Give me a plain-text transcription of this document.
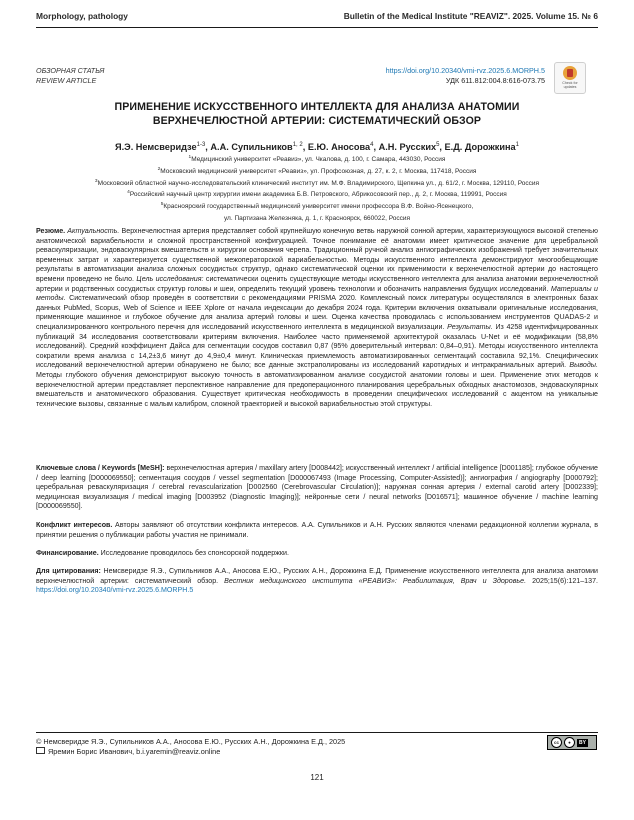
Morphology, pathology	Bulletin of the Medical Institute "REAVIZ". 2025. Volume 15. № 6
ОБЗОРНАЯ СТАТЬЯ
REVIEW ARTICLE
https://doi.org/10.20340/vmi-rvz.2025.6.MORPH.5
УДК 611.812:004.8:616-073.75	Check for
updates
ПРИМЕНЕНИЕ ИСКУССТВЕННОГО ИНТЕЛЛЕКТА ДЛЯ АНАЛИЗА АНАТОМИИ
ВЕРХНЕЧЕЛЮСТНОЙ АРТЕРИИ: СИСТЕМАТИЧЕСКИЙ ОБЗОР
Я.Э. Немсверидзе$^{1-3}$, А.А. Супильников$^{1, 2}$, Е.Ю. Аносова$^4$, А.Н. Русских$^5$, Е.Д. Дорожкина$^1$
$^1$Медицинский университет «Реавиз», ул. Чкалова, д. 100, г. Самара, 443030, Россия
$^2$Московский медицинский университет «Реавиз», ул. Профсоюзная, д. 27, к. 2, г. Москва, 117418, Россия
$^3$Московский областной научно-исследовательский клинический институт им. М.Ф. Владимирского, Щепкина ул., д. 61/2, г. Москва, 129110, Россия
$^4$Российский научный центр хирургии имени академика Б.В. Петровского, Абрикосовский пер., д. 2, г. Москва, 119991, Россия
$^5$Красноярский государственный медицинский университет имени профессора В.Ф. Войно-Ясенецкого,
ул. Партизана Железняка, д. 1, г. Красноярск, 660022, Россия
Резюме. Актуальность. Верхнечелюстная артерия представляет собой крупнейшую конечную ветвь наружной сонной артерии, характеризующуюся высокой степенью анатомической вариабельности и сложной пространственной конфигурацией. Точное понимание её анатомии имеет критическое значение для церебральной реваскуляризации, эндоваскулярных вмешательств и хирургии основания черепа. Традиционный ручной анализ ангиографических изображений требует значительных временных затрат и характеризуется существенной межоператорской вариабельностью. Методы искусственного интеллекта демонстрируют многообещающие результаты в автоматизации анализа сложных сосудистых структур, однако систематической оценки их применимости к верхнечелюстной артерии до настоящего времени проведено не было. Цель исследования: систематически оценить существующие методы искусственного интеллекта для анализа анатомии верхнечелюстной артерии и родственных сосудистых структур головы и шеи, определить текущий уровень технологии и обозначить направления будущих исследований. Материалы и методы. Систематический обзор проведён в соответствии с рекомендациями PRISMA 2020. Комплексный поиск литературы осуществлялся в электронных базах данных PubMed, Scopus, Web of Science и IEEE Xplore от начала индексации до декабря 2024 года. Критерии включения охватывали оригинальные исследования, применяющие машинное и глубокое обучение для анализа артерий головы и шеи. Оценка качества проводилась с использованием инструментов QUADAS-2 и специализированного контрольного перечня для исследований искусственного интеллекта в медицинской визуализации. Результаты. Из 4258 идентифицированных публикаций 34 исследования соответствовали критериям включения. Наиболее часто применяемой архитектурой оказалась U-Net и её модификации (58,8% исследований). Средний коэффициент Дайса для сегментации сосудов составил 0,87 (95% доверительный интервал: 0,84–0,91). Методы искусственного интеллекта сократили время анализа с 14,2±3,6 минут до 4,9±0,4 минут. Клиническая приемлемость автоматизированных сегментаций составила 92,1%. Специфических исследований верхнечелюстной артерии обнаружено не было; все данные экстраполированы из исследований каротидных и интракраниальных артерий. Выводы. Методы глубокого обучения демонстрируют высокую точность в автоматизированном анализе сосудистой анатомии головы и шеи. Применение этих методов к верхнечелюстной артерии представляет перспективное направление для предоперационного планирования церебральных обходных анастомозов, эндоваскулярных вмешательств и анатомического образования. Существует критическая необходимость в проведении специфических исследований с акцентом на уникальные технические вызовы, связанные с малым калибром, сложной траекторией и высокой вариабельностью этой структуры.
Ключевые слова / Keywords [MeSH]: верхнечелюстная артерия / maxillary artery [D008442]; искусственный интеллект / artificial intelligence [D001185]; глубокое обучение / deep learning [D000069550]; сегментация сосудов / vessel segmentation [D000067493 (Image Processing, Computer-Assisted)]; ангиография / angiography [D000792]; церебральная реваскуляризация / cerebral revascularization [D002560 (Cerebrovascular Circulation)]; наружная сонная артерия / external carotid artery [D002339]; медицинская визуализация / medical imaging [D003952 (Diagnostic Imaging)]; нейронные сети / neural networks [D016571]; машинное обучение / machine learning [D000069550].
Конфликт интересов. Авторы заявляют об отсутствии конфликта интересов. А.А. Супильников и А.Н. Русских являются членами редакционной коллегии журнала, в принятии решения о публикации работы участия не принимали.
Финансирование. Исследование проводилось без спонсорской поддержки.
Для цитирования: Немсверидзе Я.Э., Супильников А.А., Аносова Е.Ю., Русских А.Н., Дорожкина Е.Д. Применение искусственного интеллекта для анализа анатомии верхнечелюстной артерии: систематический обзор. Вестник медицинского института «РЕАВИЗ»: Реабилитация, Врач и Здоровье. 2025;15(6):121–137. https://doi.org/10.20340/vmi-rvz.2025.6.MORPH.5
© Немсверидзе Я.Э., Супильников А.А., Аносова Е.Ю., Русских А.Н., Дорожкина Е.Д., 2025
Яремин Борис Иванович, b.i.yaremin@reaviz.online
cc	●	BY
121
